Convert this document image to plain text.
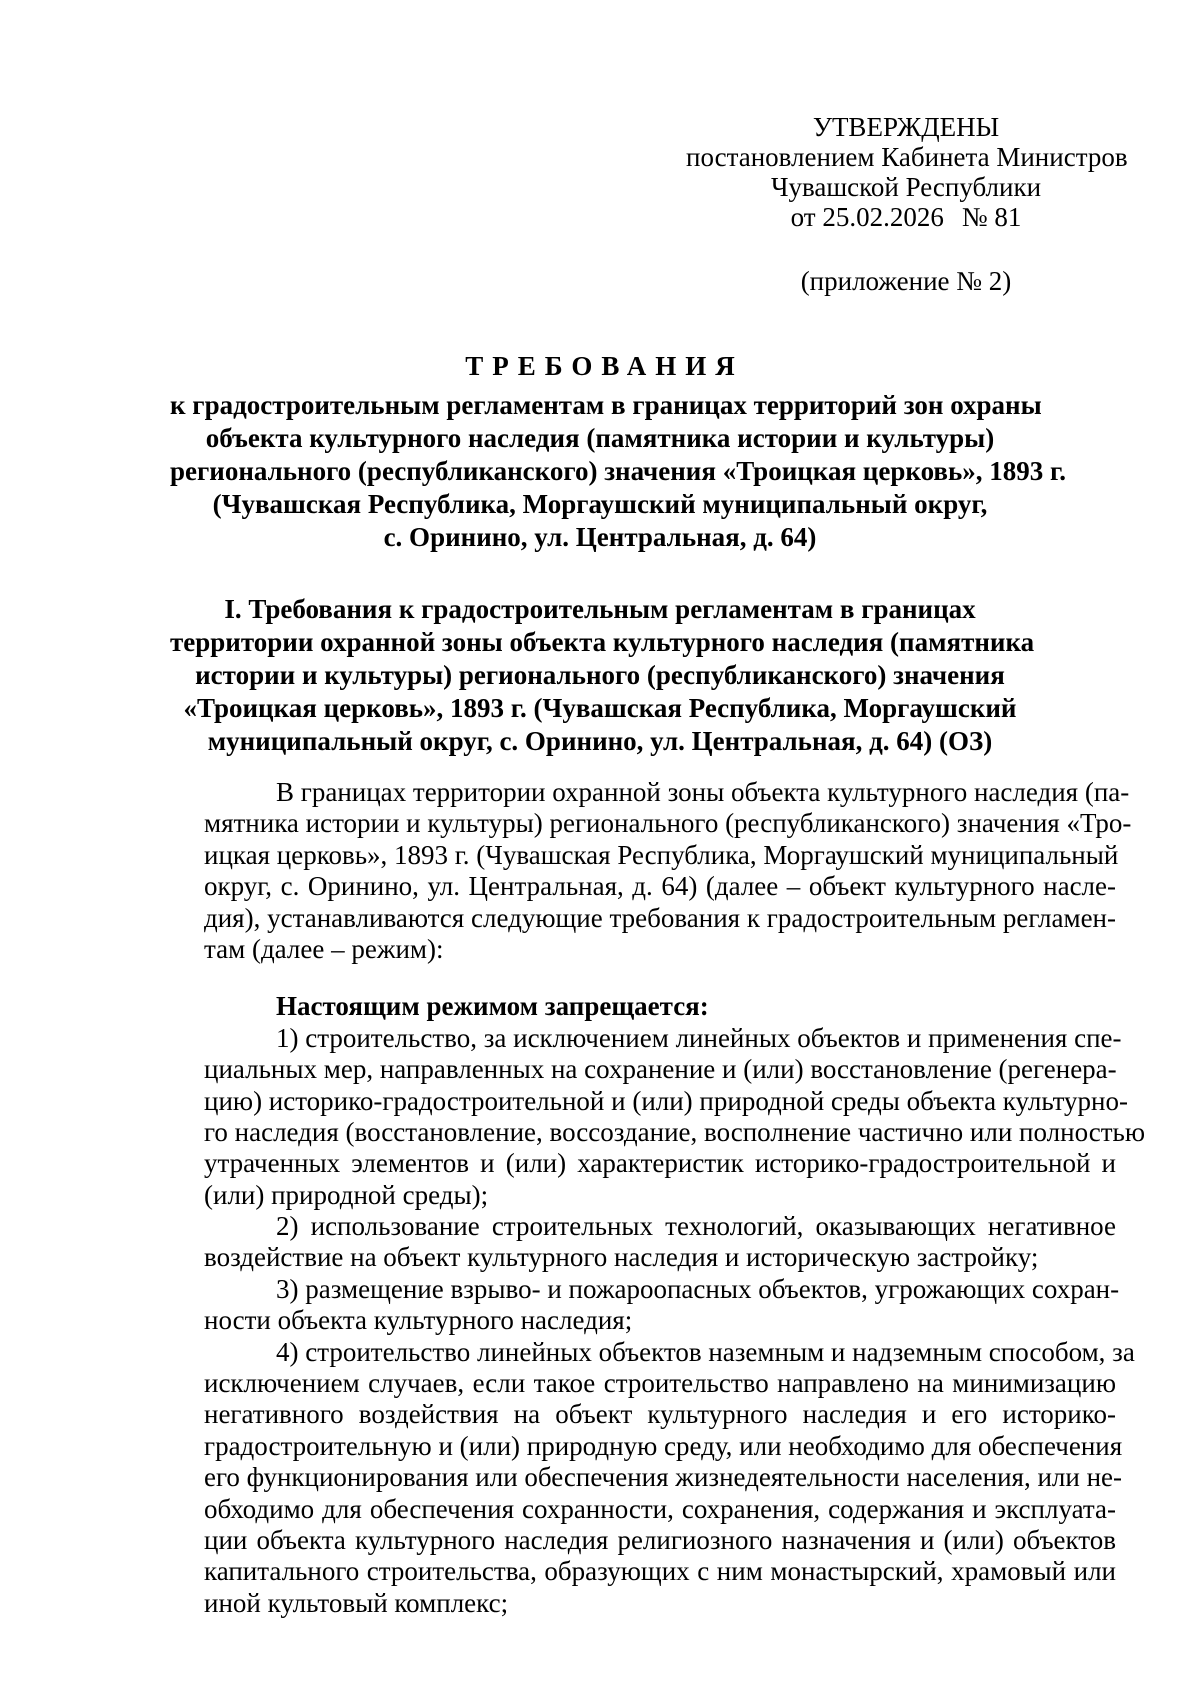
УТВЕРЖДЕНЫ
постановлением Кабинета Министров
Чувашской Республики
от 25.02.2026 № 81
(приложение № 2)
ТРЕБОВАНИЯ
к градостроительным регламентам в границах территорий зон охраны
объекта культурного наследия (памятника истории и культуры)
регионального (республиканского) значения «Троицкая церковь», 1893 г.
(Чувашская Республика, Моргаушский муниципальный округ,
с. Оринино, ул. Центральная, д. 64)
I. Требования к градостроительным регламентам в границах
территории охранной зоны объекта культурного наследия (памятника
истории и культуры) регионального (республиканского) значения
«Троицкая церковь», 1893 г. (Чувашская Республика, Моргаушский
муниципальный округ, с. Оринино, ул. Центральная, д. 64) (ОЗ)
В границах территории охранной зоны объекта культурного наследия (па-
мятника истории и культуры) регионального (республиканского) значения «Тро-
ицкая церковь», 1893 г. (Чувашская Республика, Моргаушский муниципальный
округ, с. Оринино, ул. Центральная, д. 64) (далее – объект культурного насле-
дия), устанавливаются следующие требования к градостроительным регламен-
там (далее – режим):
Настоящим режимом запрещается:
1) строительство, за исключением линейных объектов и применения спе-
циальных мер, направленных на сохранение и (или) восстановление (регенера-
цию) историко-градостроительной и (или) природной среды объекта культурно-
го наследия (восстановление, воссоздание, восполнение частично или полностью
утраченных элементов и (или) характеристик историко-градостроительной и
(или) природной среды);
2) использование строительных технологий, оказывающих негативное
воздействие на объект культурного наследия и историческую застройку;
3) размещение взрыво- и пожароопасных объектов, угрожающих сохран-
ности объекта культурного наследия;
4) строительство линейных объектов наземным и надземным способом, за
исключением случаев, если такое строительство направлено на минимизацию
негативного воздействия на объект культурного наследия и его историко-
градостроительную и (или) природную среду, или необходимо для обеспечения
его функционирования или обеспечения жизнедеятельности населения, или не-
обходимо для обеспечения сохранности, сохранения, содержания и эксплуата-
ции объекта культурного наследия религиозного назначения и (или) объектов
капитального строительства, образующих с ним монастырский, храмовый или
иной культовый комплекс;
